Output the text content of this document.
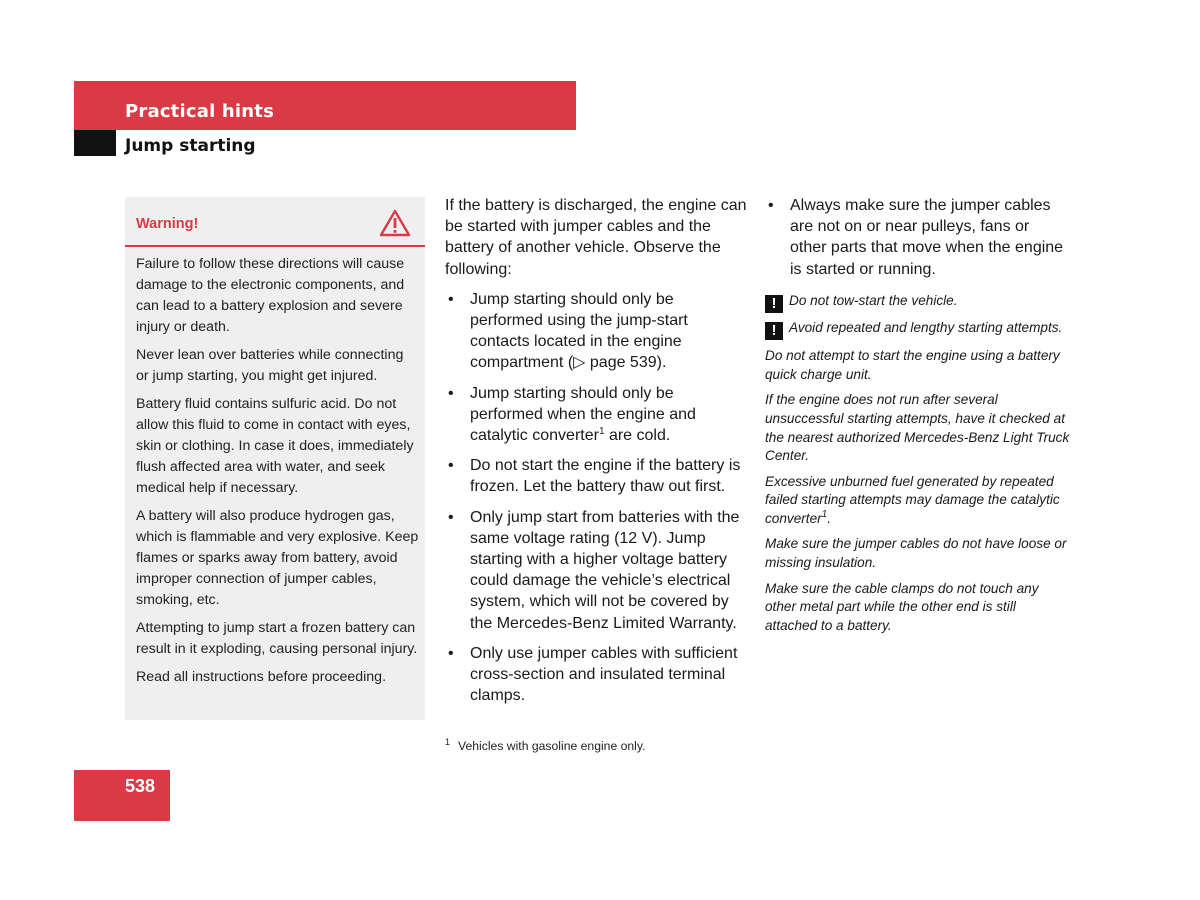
Practical hints
Jump starting
Warning!

Failure to follow these directions will cause damage to the electronic components, and can lead to a battery explosion and severe injury or death.

Never lean over batteries while connecting or jump starting, you might get injured.

Battery fluid contains sulfuric acid. Do not allow this fluid to come in contact with eyes, skin or clothing. In case it does, immediately flush affected area with water, and seek medical help if necessary.

A battery will also produce hydrogen gas, which is flammable and very explosive. Keep flames or sparks away from battery, avoid improper connection of jumper cables, smoking, etc.

Attempting to jump start a frozen battery can result in it exploding, causing personal injury.

Read all instructions before proceeding.

If the battery is discharged, the engine can be started with jumper cables and the battery of another vehicle. Observe the following:

• Jump starting should only be performed using the jump-start contacts located in the engine compartment (▷ page 539).
• Jump starting should only be performed when the engine and catalytic converter$^1$ are cold.
• Do not start the engine if the battery is frozen. Let the battery thaw out first.
• Only jump start from batteries with the same voltage rating (12 V). Jump starting with a higher voltage battery could damage the vehicle’s electrical system, which will not be covered by the Mercedes-Benz Limited Warranty.
• Only use jumper cables with sufficient cross-section and insulated terminal clamps.
• Always make sure the jumper cables are not on or near pulleys, fans or other parts that move when the engine is started or running.

! Do not tow-start the vehicle.

! Avoid repeated and lengthy starting attempts.

Do not attempt to start the engine using a battery quick charge unit.

If the engine does not run after several unsuccessful starting attempts, have it checked at the nearest authorized Mercedes-Benz Light Truck Center.

Excessive unburned fuel generated by repeated failed starting attempts may damage the catalytic converter$^1$.

Make sure the jumper cables do not have loose or missing insulation.

Make sure the cable clamps do not touch any other metal part while the other end is still attached to a battery.

$^1$ Vehicles with gasoline engine only.
538
